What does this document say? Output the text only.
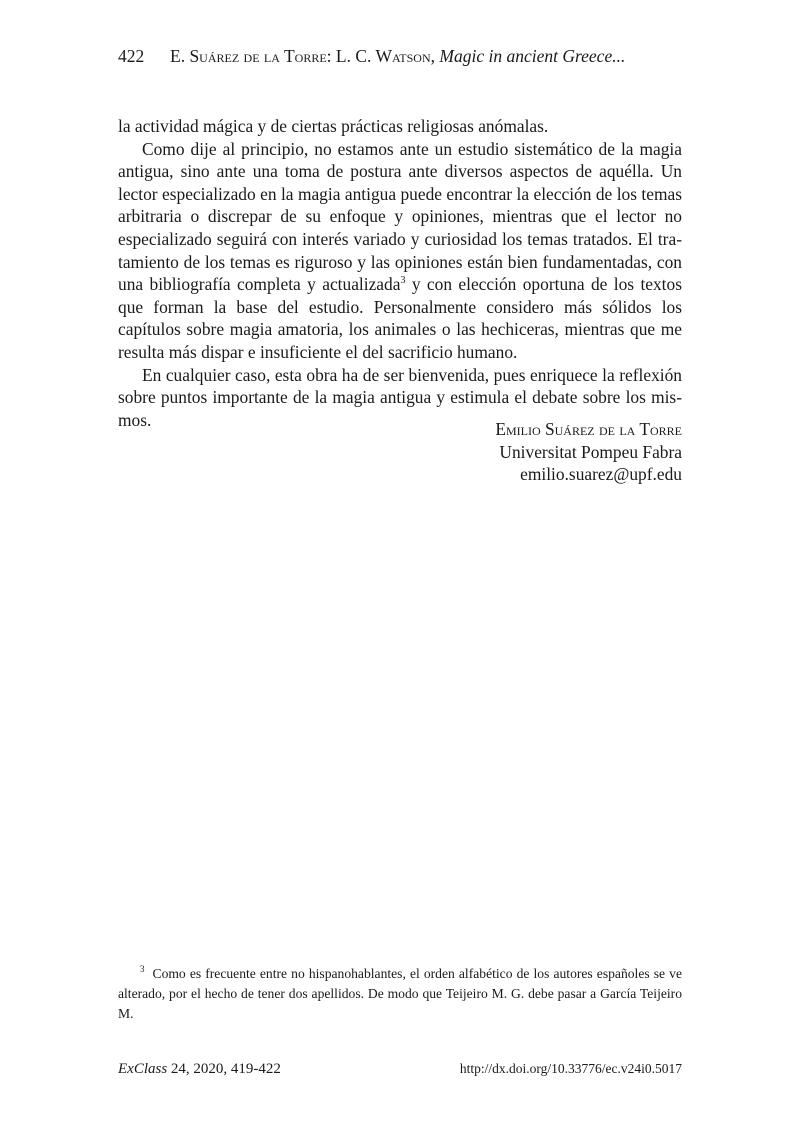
422 E. Suárez de la Torre: L. C. Watson, Magic in ancient Greece...

la actividad mágica y de ciertas prácticas religiosas anómalas.

Como dije al principio, no estamos ante un estudio sistemático de la magia antigua, sino ante una toma de postura ante diversos aspectos de aquélla. Un lector especializado en la magia antigua puede encontrar la elección de los temas arbitraria o discrepar de su enfoque y opiniones, mientras que el lector no especializado seguirá con interés variado y curiosidad los temas tratados. El tratamiento de los temas es riguroso y las opiniones están bien fundamentadas, con una bibliografía completa y actualizada$^3$ y con elección oportuna de los textos que forman la base del estudio. Personalmente considero más sólidos los capítulos sobre magia amatoria, los animales o las hechiceras, mientras que me resulta más dispar e insuficiente el del sacrificio humano.

En cualquier caso, esta obra ha de ser bienvenida, pues enriquece la reflexión sobre puntos importante de la magia antigua y estimula el debate sobre los mismos.	Emilio Suárez de la Torre
Universitat Pompeu Fabra
emilio.suarez@upf.edu
$^3$ Como es frecuente entre no hispanohablantes, el orden alfabético de los autores españoles se ve alterado, por el hecho de tener dos apellidos. De modo que Teijeiro M. G. debe pasar a García Teijeiro M.
ExClass 24, 2020, 419-422	http://dx.doi.org/10.33776/ec.v24i0.5017
